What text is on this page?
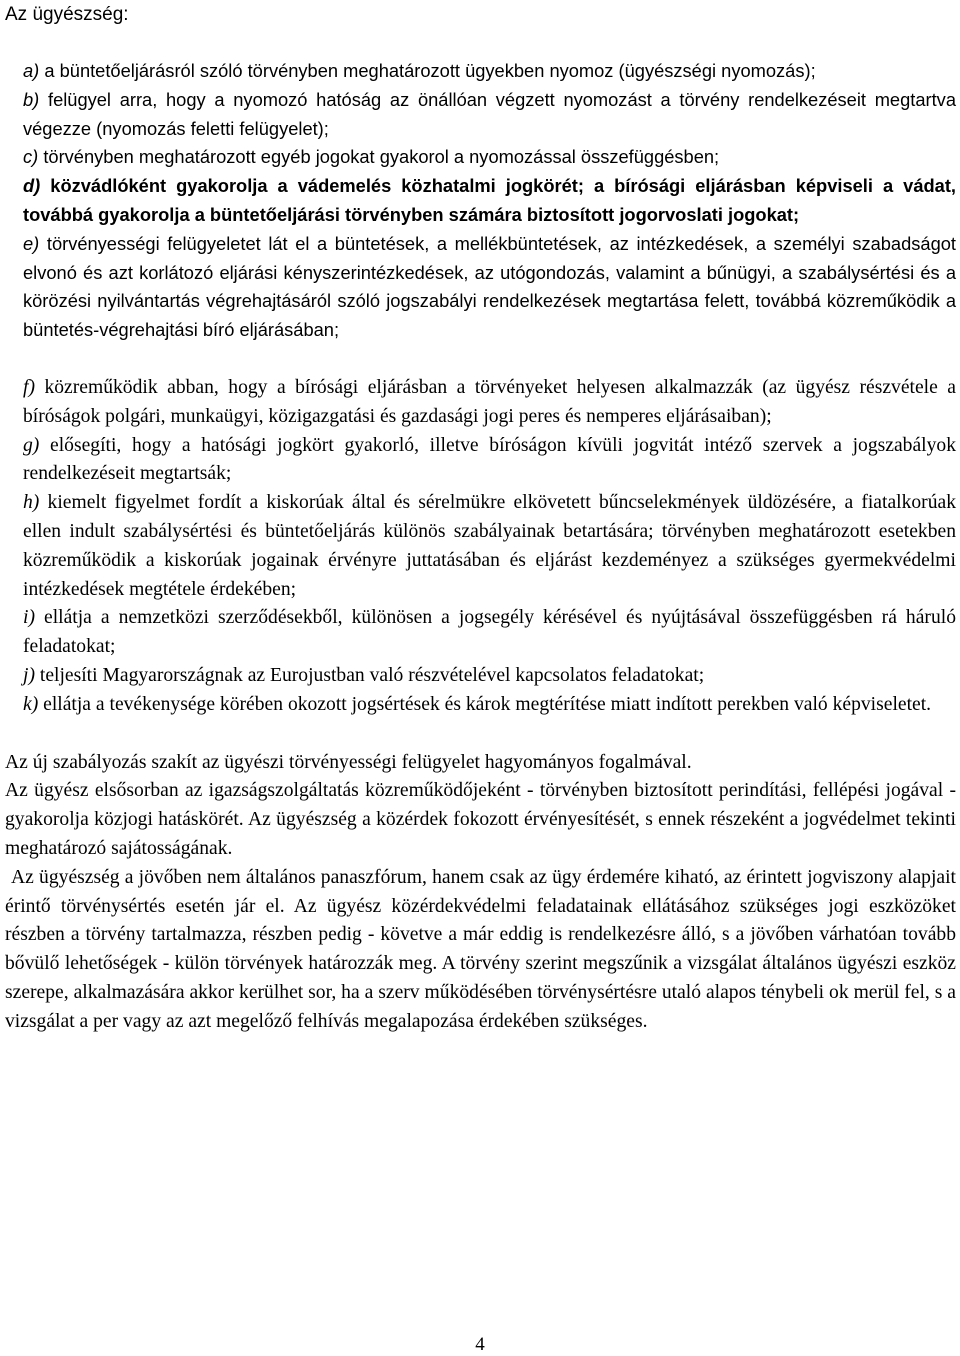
Az ügyészség:

a) a büntetőeljárásról szóló törvényben meghatározott ügyekben nyomoz (ügyészségi nyomozás);

b) felügyel arra, hogy a nyomozó hatóság az önállóan végzett nyomozást a törvény rendelkezéseit megtartva végezze (nyomozás feletti felügyelet);

c) törvényben meghatározott egyéb jogokat gyakorol a nyomozással összefüggésben;

d) közvádlóként gyakorolja a vádemelés közhatalmi jogkörét; a bírósági eljárásban képviseli a vádat, továbbá gyakorolja a büntetőeljárási törvényben számára biztosított jogorvoslati jogokat;

e) törvényességi felügyeletet lát el a büntetések, a mellékbüntetések, az intézkedések, a személyi szabadságot elvonó és azt korlátozó eljárási kényszerintézkedések, az utógondozás, valamint a bűnügyi, a szabálysértési és a körözési nyilvántartás végrehajtásáról szóló jogszabályi rendelkezések megtartása felett, továbbá közreműködik a büntetés-végrehajtási bíró eljárásában;

f) közreműködik abban, hogy a bírósági eljárásban a törvényeket helyesen alkalmazzák (az ügyész részvétele a bíróságok polgári, munkaügyi, közigazgatási és gazdasági jogi peres és nemperes eljárásaiban);

g) elősegíti, hogy a hatósági jogkört gyakorló, illetve bíróságon kívüli jogvitát intéző szervek a jogszabályok rendelkezéseit megtartsák;

h) kiemelt figyelmet fordít a kiskorúak által és sérelmükre elkövetett bűncselekmények üldözésére, a fiatalkorúak ellen indult szabálysértési és büntetőeljárás különös szabályainak betartására; törvényben meghatározott esetekben közreműködik a kiskorúak jogainak érvényre juttatásában és eljárást kezdeményez a szükséges gyermekvédelmi intézkedések megtétele érdekében;

i) ellátja a nemzetközi szerződésekből, különösen a jogsegély kérésével és nyújtásával összefüggésben rá háruló feladatokat;

j) teljesíti Magyarországnak az Eurojustban való részvételével kapcsolatos feladatokat;

k) ellátja a tevékenysége körében okozott jogsértések és károk megtérítése miatt indított perekben való képviseletet.

Az új szabályozás szakít az ügyészi törvényességi felügyelet hagyományos fogalmával.

Az ügyész elsősorban az igazságszolgáltatás közreműködőjeként - törvényben biztosított perindítási, fellépési jogával - gyakorolja közjogi hatáskörét. Az ügyészség a közérdek fokozott érvényesítését, s ennek részeként a jogvédelmet tekinti meghatározó sajátosságának.

Az ügyészség a jövőben nem általános panaszfórum, hanem csak az ügy érdemére kiható, az érintett jogviszony alapjait érintő törvénysértés esetén jár el. Az ügyész közérdekvédelmi feladatainak ellátásához szükséges jogi eszközöket részben a törvény tartalmazza, részben pedig - követve a már eddig is rendelkezésre álló, s a jövőben várhatóan tovább bővülő lehetőségek - külön törvények határozzák meg. A törvény szerint megszűnik a vizsgálat általános ügyészi eszköz szerepe, alkalmazására akkor kerülhet sor, ha a szerv működésében törvénysértésre utaló alapos ténybeli ok merül fel, s a vizsgálat a per vagy az azt megelőző felhívás megalapozása érdekében szükséges.

4
